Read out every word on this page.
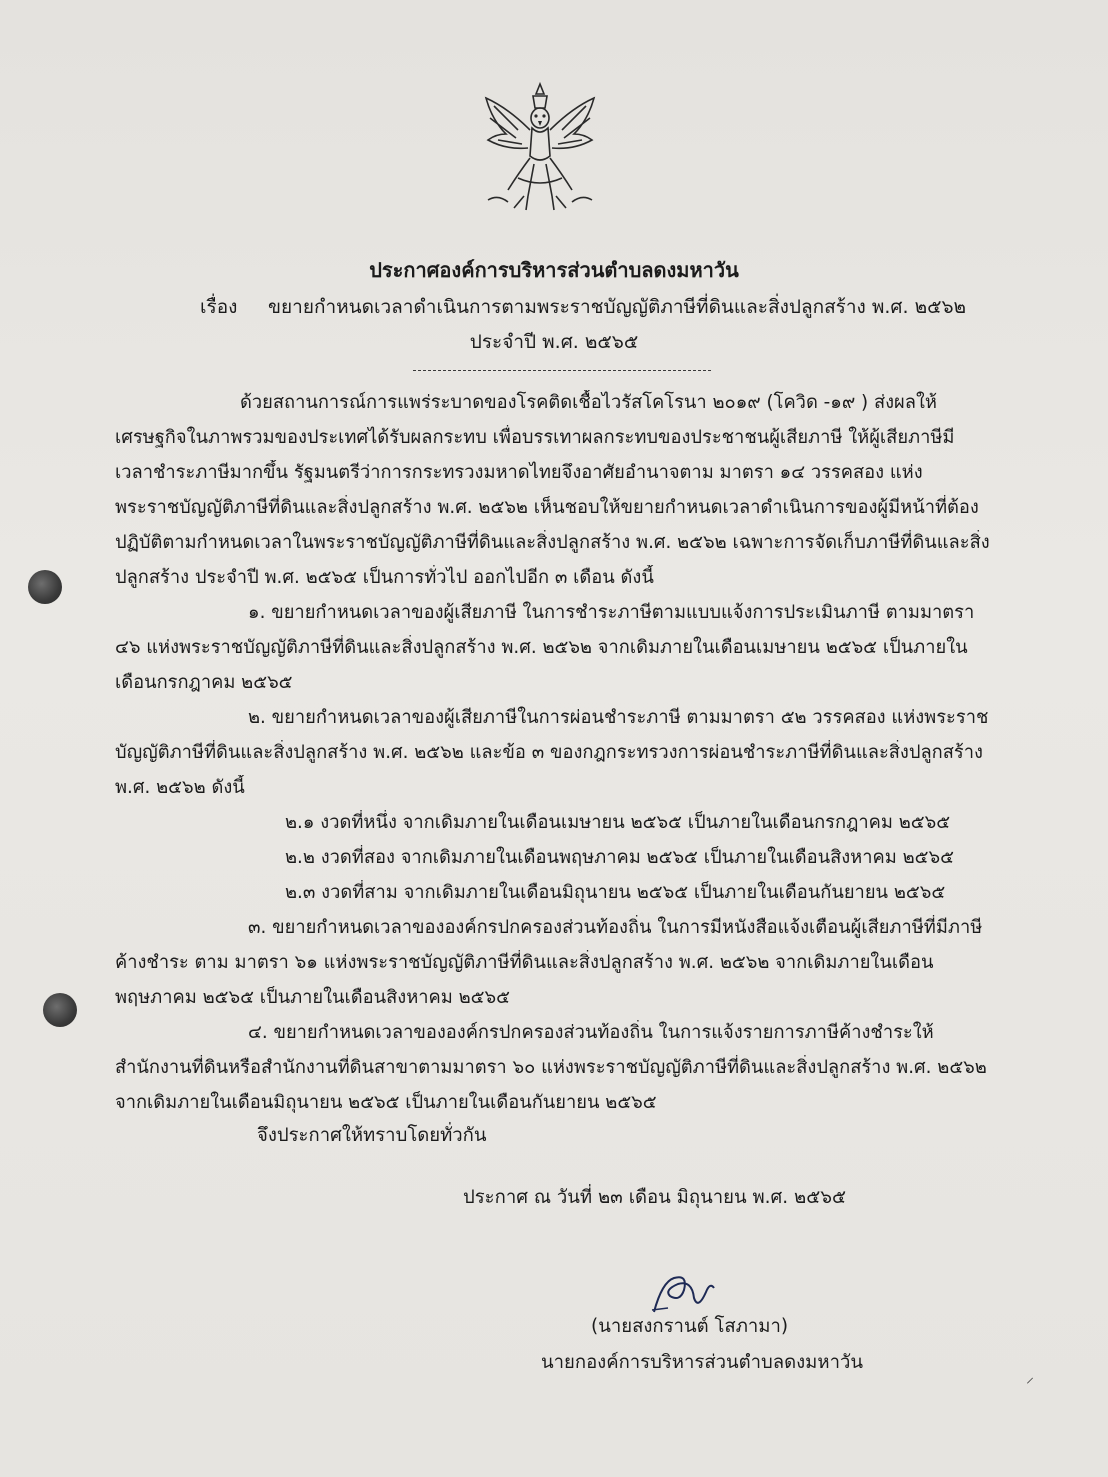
ประกาศองค์การบริหารส่วนตำบลดงมหาวัน
เรื่อง ขยายกำหนดเวลาดำเนินการตามพระราชบัญญัติภาษีที่ดินและสิ่งปลูกสร้าง พ.ศ. ๒๕๖๒
ประจำปี พ.ศ. ๒๕๖๕
ด้วยสถานการณ์การแพร่ระบาดของโรคติดเชื้อไวรัสโคโรนา ๒๐๑๙ (โควิด -๑๙ ) ส่งผลให้
เศรษฐกิจในภาพรวมของประเทศได้รับผลกระทบ เพื่อบรรเทาผลกระทบของประชาชนผู้เสียภาษี ให้ผู้เสียภาษีมี
เวลาชำระภาษีมากขึ้น รัฐมนตรีว่าการกระทรวงมหาดไทยจึงอาศัยอำนาจตาม มาตรา ๑๔ วรรคสอง แห่ง
พระราชบัญญัติภาษีที่ดินและสิ่งปลูกสร้าง พ.ศ. ๒๕๖๒ เห็นชอบให้ขยายกำหนดเวลาดำเนินการของผู้มีหน้าที่ต้อง
ปฏิบัติตามกำหนดเวลาในพระราชบัญญัติภาษีที่ดินและสิ่งปลูกสร้าง พ.ศ. ๒๕๖๒ เฉพาะการจัดเก็บภาษีที่ดินและสิ่ง
ปลูกสร้าง ประจำปี พ.ศ. ๒๕๖๕ เป็นการทั่วไป ออกไปอีก ๓ เดือน ดังนี้
๑. ขยายกำหนดเวลาของผู้เสียภาษี ในการชำระภาษีตามแบบแจ้งการประเมินภาษี ตามมาตรา
๔๖ แห่งพระราชบัญญัติภาษีที่ดินและสิ่งปลูกสร้าง พ.ศ. ๒๕๖๒ จากเดิมภายในเดือนเมษายน ๒๕๖๕ เป็นภายใน
เดือนกรกฎาคม ๒๕๖๕
๒. ขยายกำหนดเวลาของผู้เสียภาษีในการผ่อนชำระภาษี ตามมาตรา ๕๒ วรรคสอง แห่งพระราช
บัญญัติภาษีที่ดินและสิ่งปลูกสร้าง พ.ศ. ๒๕๖๒ และข้อ ๓ ของกฎกระทรวงการผ่อนชำระภาษีที่ดินและสิ่งปลูกสร้าง
พ.ศ. ๒๕๖๒ ดังนี้
๒.๑ งวดที่หนึ่ง จากเดิมภายในเดือนเมษายน ๒๕๖๕ เป็นภายในเดือนกรกฎาคม ๒๕๖๕
๒.๒ งวดที่สอง จากเดิมภายในเดือนพฤษภาคม ๒๕๖๕ เป็นภายในเดือนสิงหาคม ๒๕๖๕
๒.๓ งวดที่สาม จากเดิมภายในเดือนมิถุนายน ๒๕๖๕ เป็นภายในเดือนกันยายน ๒๕๖๕
๓. ขยายกำหนดเวลาขององค์กรปกครองส่วนท้องถิ่น ในการมีหนังสือแจ้งเตือนผู้เสียภาษีที่มีภาษี
ค้างชำระ ตาม มาตรา ๖๑ แห่งพระราชบัญญัติภาษีที่ดินและสิ่งปลูกสร้าง พ.ศ. ๒๕๖๒ จากเดิมภายในเดือน
พฤษภาคม ๒๕๖๕ เป็นภายในเดือนสิงหาคม ๒๕๖๕
๔. ขยายกำหนดเวลาขององค์กรปกครองส่วนท้องถิ่น ในการแจ้งรายการภาษีค้างชำระให้
สำนักงานที่ดินหรือสำนักงานที่ดินสาขาตามมาตรา ๖๐ แห่งพระราชบัญญัติภาษีที่ดินและสิ่งปลูกสร้าง พ.ศ. ๒๕๖๒
จากเดิมภายในเดือนมิถุนายน ๒๕๖๕ เป็นภายในเดือนกันยายน ๒๕๖๕
จึงประกาศให้ทราบโดยทั่วกัน
ประกาศ ณ วันที่ ๒๓ เดือน มิถุนายน พ.ศ. ๒๕๖๕
(นายสงกรานต์ โสภามา)
นายกองค์การบริหารส่วนตำบลดงมหาวัน
⸍
